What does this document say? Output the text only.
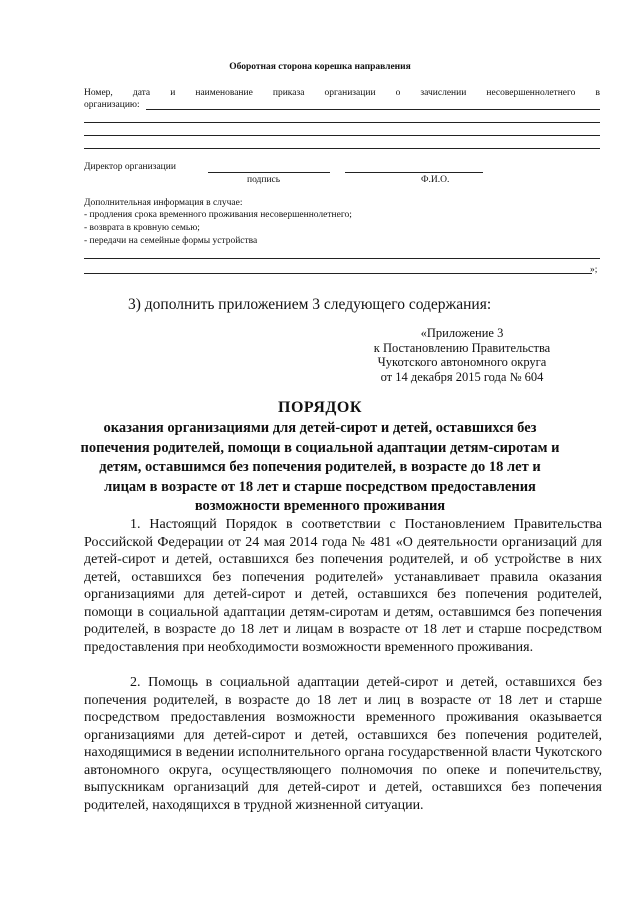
Оборотная сторона корешка направления
Номер, дата и наименование приказа организации о зачислении несовершеннолетнего в
организацию:
Директор организации
подпись	Ф.И.О.
Дополнительная информация в случае:
- продления срока временного проживания несовершеннолетнего;
- возврата в кровную семью;
- передачи на семейные формы устройства
»;
3) дополнить приложением 3 следующего содержания:
«Приложение 3
к Постановлению Правительства
Чукотского автономного округа
от 14 декабря 2015 года № 604
ПОРЯДОК
оказания организациями для детей-сирот и детей, оставшихся без попечения родителей, помощи в социальной адаптации детям-сиротам и детям, оставшимся без попечения родителей, в возрасте до 18 лет и лицам в возрасте от 18 лет и старше посредством предоставления возможности временного проживания
1. Настоящий Порядок в соответствии с Постановлением Правительства Российской Федерации от 24 мая 2014 года № 481 «О деятельности организаций для детей-сирот и детей, оставшихся без попечения родителей, и об устройстве в них детей, оставшихся без попечения родителей» устанавливает правила оказания организациями для детей-сирот и детей, оставшихся без попечения родителей, помощи в социальной адаптации детям-сиротам и детям, оставшимся без попечения родителей, в возрасте до 18 лет и лицам в возрасте от 18 лет и старше посредством предоставления при необходимости возможности временного проживания.
2. Помощь в социальной адаптации детей-сирот и детей, оставшихся без попечения родителей, в возрасте до 18 лет и лиц в возрасте от 18 лет и старше посредством предоставления возможности временного проживания оказывается организациями для детей-сирот и детей, оставшихся без попечения родителей, находящимися в ведении исполнительного органа государственной власти Чукотского автономного округа, осуществляющего полномочия по опеке и попечительству, выпускникам организаций для детей-сирот и детей, оставшихся без попечения родителей, находящихся в трудной жизненной ситуации.
